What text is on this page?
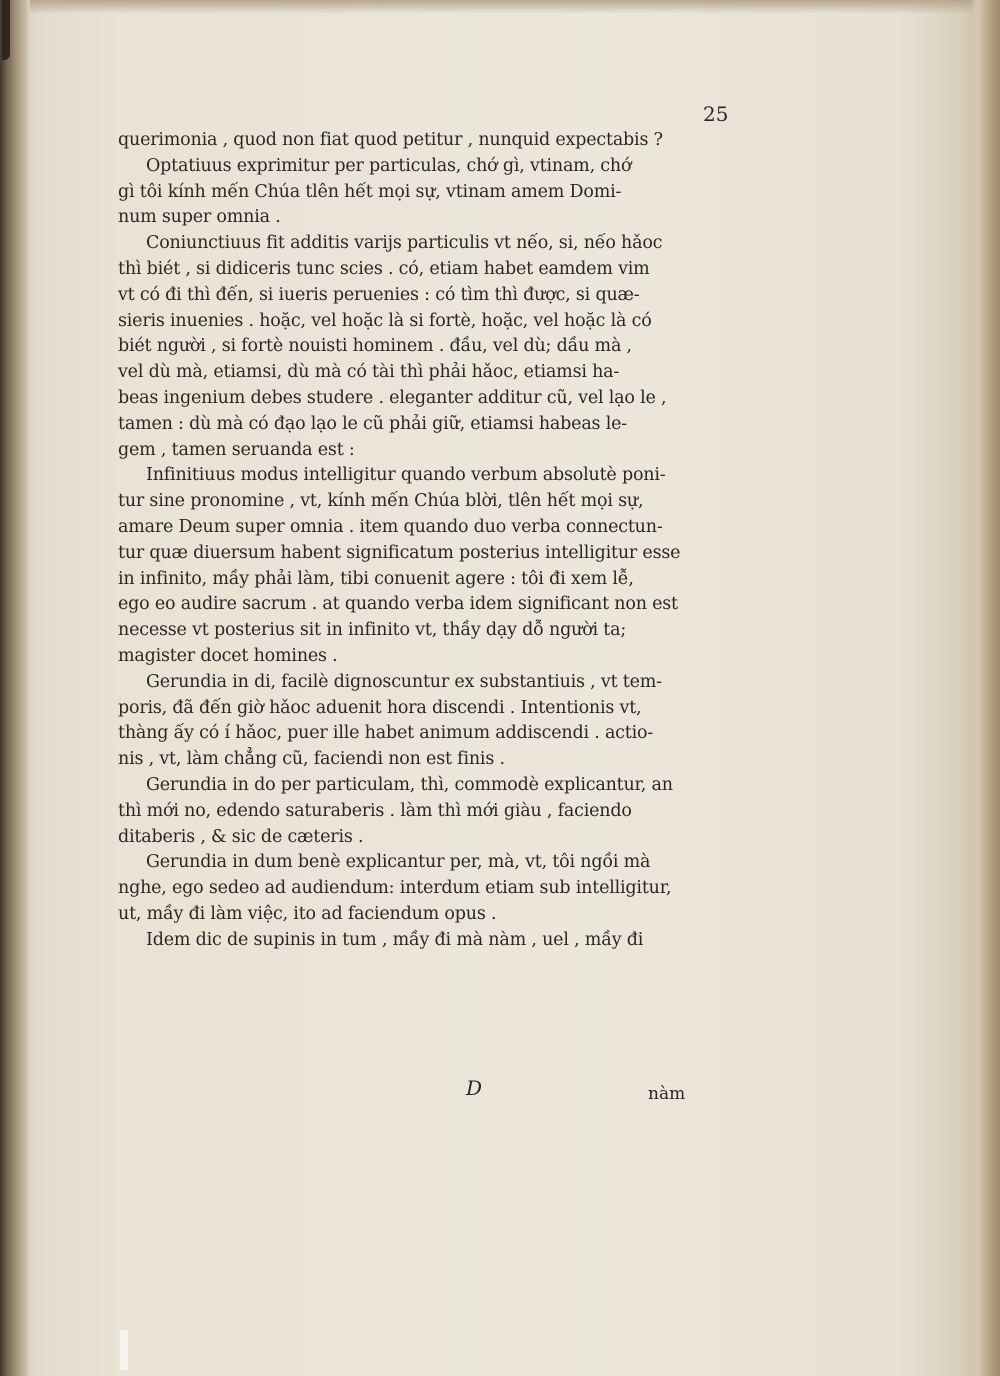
25
querimonia , quod non fiat quod petitur , nunquid expectabis ?
Optatiuus exprimitur per particulas, chớ gì, vtinam, chớ
gì tôi kính mến Chúa tlên hết mọi sự, vtinam amem Domi-
num super omnia .
Coniunctiuus fit additis varijs particulis vt nếo, si, nếo hǎoc
thì biét , si didiceris tunc scies . có, etiam habet eamdem vim
vt có đi thì đến, si iueris peruenies : có tìm thì được, si quæ-
sieris inuenies . hoặc, vel hoặc là si fortè, hoặc, vel hoặc là có
biét người , si fortè nouisti hominem . đầu, vel dù; dầu mà ,
vel dù mà, etiamsi, dù mà có tài thì phải hǎoc, etiamsi ha-
beas ingenium debes studere . eleganter additur cũ, vel lạo le ,
tamen : dù mà có đạo lạo le cũ phải giữ, etiamsi habeas le-
gem , tamen seruanda est :
Infinitiuus modus intelligitur quando verbum absolutè poni-
tur sine pronomine , vt, kính mến Chúa blời, tlên hết mọi sự,
amare Deum super omnia . item quando duo verba connectun-
tur quæ diuersum habent significatum posterius intelligitur esse
in infinito, mầy phải làm, tibi conuenit agere : tôi đi xem lễ,
ego eo audire sacrum . at quando verba idem significant non est
necesse vt posterius sit in infinito vt, thầy dạy dỗ người ta;
magister docet homines .
Gerundia in di, facilè dignoscuntur ex substantiuis , vt tem-
poris, đã đến giờ hǎoc aduenit hora discendi . Intentionis vt,
thàng ấy có í hǎoc, puer ille habet animum addiscendi . actio-
nis , vt, làm chẳng cũ, faciendi non est finis .
Gerundia in do per particulam, thì, commodè explicantur, an
thì mới no, edendo saturaberis . làm thì mới giàu , faciendo
ditaberis , & sic de cæteris .
Gerundia in dum benè explicantur per, mà, vt, tôi ngồi mà
nghe, ego sedeo ad audiendum: interdum etiam sub intelligitur,
ut, mầy đi làm việc, ito ad faciendum opus .
Idem dic de supinis in tum , mầy đi mà nàm , uel , mầy đi
D	nàm
